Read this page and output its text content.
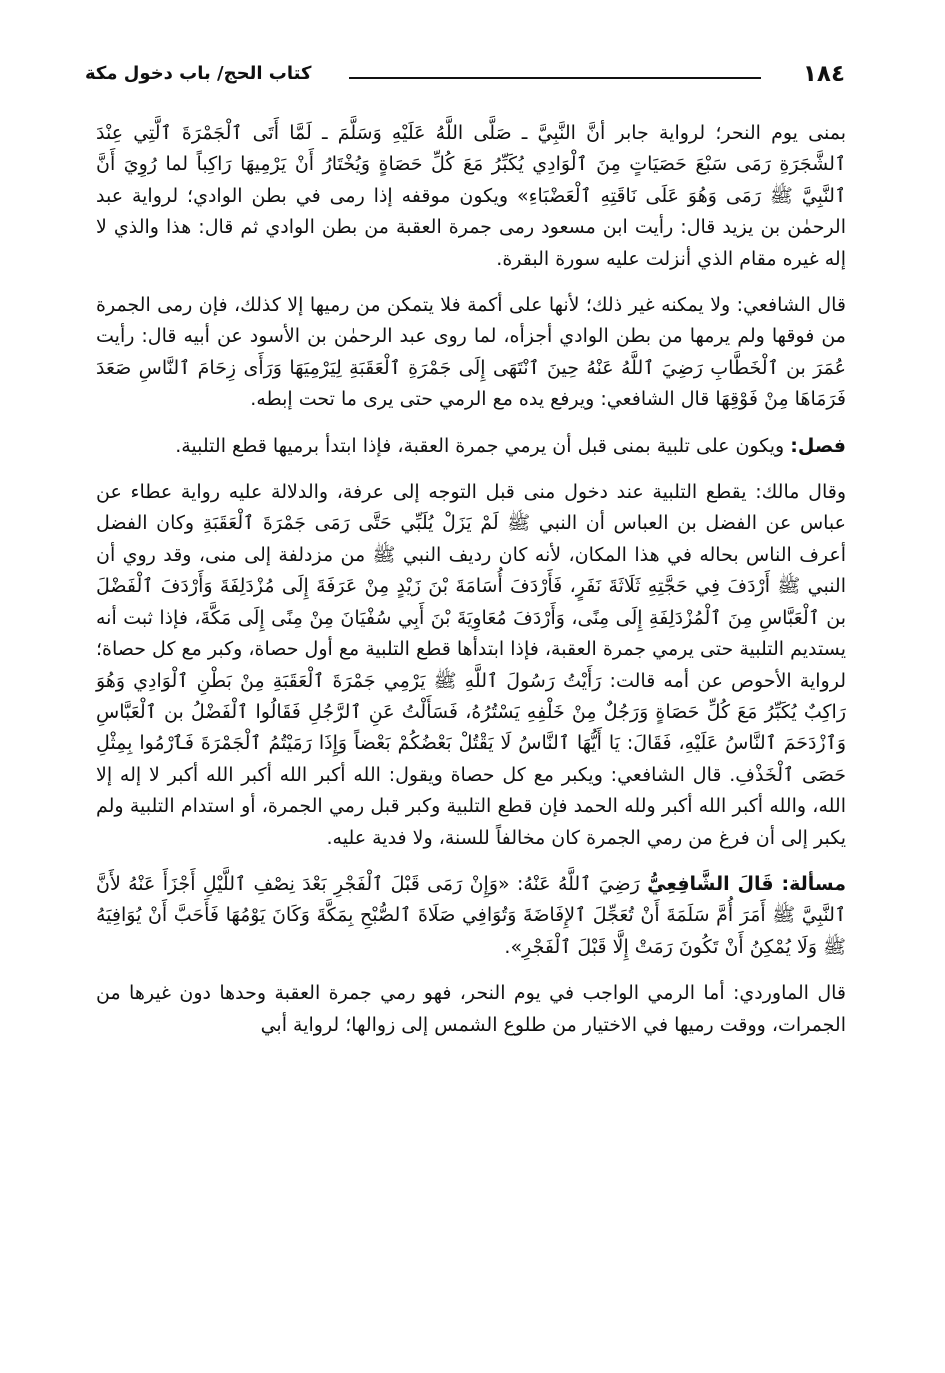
١٨٤
كتاب الحج/ باب دخول مكة

بمنى يوم النحر؛ لرواية جابر أنَّ النَّبِيَّ ـ صَلَّى اللَّهُ عَلَيْهِ وَسَلَّمَ ـ لَمَّا أَتَى ٱلْجَمْرَةَ ٱلَّتِي عِنْدَ ٱلشَّجَرَةِ رَمَى سَبْعَ حَصَيَاتٍ مِنَ ٱلْوَادِي يُكَبِّرُ مَعَ كُلِّ حَصَاةٍ وَيُخْتَارُ أَنْ يَرْمِيهَا رَاكِباً لما رُوِيَ أَنَّ ٱلنَّبِيَّ ﷺ رَمَى وَهُوَ عَلَى نَاقَتِهِ ٱلْعَضْبَاءِ» ويكون موقفه إذا رمى في بطن الوادي؛ لرواية عبد الرحمٰن بن يزيد قال: رأيت ابن مسعود رمى جمرة العقبة من بطن الوادي ثم قال: هذا والذي لا إله غيره مقام الذي أنزلت عليه سورة البقرة.

قال الشافعي: ولا يمكنه غير ذلك؛ لأنها على أكمة فلا يتمكن من رميها إلا كذلك، فإن رمى الجمرة من فوقها ولم يرمها من بطن الوادي أجزأه، لما روى عبد الرحمٰن بن الأسود عن أبيه قال: رأيت عُمَرَ بن ٱلْخَطَّابِ رَضِيَ ٱللَّهُ عَنْهُ حِينَ ٱنْتَهَى إِلَى جَمْرَةِ ٱلْعَقَبَةِ لِيَرْمِيَهَا وَرَأَى زِحَامَ ٱلنَّاسِ صَعَدَ فَرَمَاهَا مِنْ فَوْقِهَا قال الشافعي: ويرفع يده مع الرمي حتى يرى ما تحت إبطه.

فصل: ويكون على تلبية بمنى قبل أن يرمي جمرة العقبة، فإذا ابتدأ برميها قطع التلبية.

وقال مالك: يقطع التلبية عند دخول منى قبل التوجه إلى عرفة، والدلالة عليه رواية عطاء عن عباس عن الفضل بن العباس أن النبي ﷺ لَمْ يَزَلْ يُلَبِّي حَتَّى رَمَى جَمْرَةَ ٱلْعَقَبَةِ وكان الفضل أعرف الناس بحاله في هذا المكان، لأنه كان رديف النبي ﷺ من مزدلفة إلى منى، وقد روي أن النبي ﷺ أَرْدَفَ فِي حَجَّتِهِ ثَلَاثَةَ نَفَرٍ، فَأَرْدَفَ أُسَامَةَ بْنَ زَيْدٍ مِنْ عَرَفَةَ إِلَى مُزْدَلِفَةَ وَأَرْدَفَ ٱلْفَضْلَ بن ٱلْعَبَّاسِ مِنَ ٱلْمُزْدَلِفَةِ إِلَى مِنًى، وَأَرْدَفَ مُعَاوِيَةَ بْنَ أَبِي سُفْيَانَ مِنْ مِنًى إِلَى مَكَّةَ، فإذا ثبت أنه يستديم التلبية حتى يرمي جمرة العقبة، فإذا ابتدأها قطع التلبية مع أول حصاة، وكبر مع كل حصاة؛ لرواية الأحوص عن أمه قالت: رَأَيْتُ رَسُولَ ٱللَّهِ ﷺ يَرْمِي جَمْرَةَ ٱلْعَقَبَةِ مِنْ بَطْنِ ٱلْوَادِي وَهُوَ رَاكِبٌ يُكَبِّرُ مَعَ كُلِّ حَصَاةٍ وَرَجُلٌ مِنْ خَلْفِهِ يَسْتُرُهُ، فَسَأَلْتُ عَنِ ٱلرَّجُلِ فَقَالُوا ٱلْفَضْلُ بن ٱلْعَبَّاسِ وَٱزْدَحَمَ ٱلنَّاسُ عَلَيْهِ، فَقَالَ: يَا أَيُّهَا ٱلنَّاسُ لَا يَقْتُلْ بَعْضُكُمْ بَعْضاً وَإِذَا رَمَيْتُمُ ٱلْجَمْرَةَ فَٱرْمُوا بِمِثْلِ حَصَى ٱلْخَذْفِ. قال الشافعي: ويكبر مع كل حصاة ويقول: الله أكبر الله أكبر الله أكبر لا إله إلا الله، والله أكبر الله أكبر ولله الحمد فإن قطع التلبية وكبر قبل رمي الجمرة، أو استدام التلبية ولم يكبر إلى أن فرغ من رمي الجمرة كان مخالفاً للسنة، ولا فدية عليه.

مسألة: قَالَ الشَّافِعِيُّ رَضِيَ ٱللَّهُ عَنْهُ: «وَإِنْ رَمَى قَبْلَ ٱلْفَجْرِ بَعْدَ نِصْفِ ٱللَّيْلِ أَجْزَأَ عَنْهُ لأَنَّ ٱلنَّبِيَّ ﷺ أَمَرَ أُمَّ سَلَمَةَ أَنْ تُعَجِّلَ ٱلإِفَاضَةَ وَتُوَافِي صَلَاةَ ٱلصُّبْحِ بِمَكَّةَ وَكَانَ يَوْمُهَا فَأَحَبَّ أَنْ يُوَافِيَهُ ﷺ وَلَا يُمْكِنُ أَنْ تَكُونَ رَمَتْ إِلَّا قَبْلَ ٱلْفَجْرِ».

قال الماوردي: أما الرمي الواجب في يوم النحر، فهو رمي جمرة العقبة وحدها دون غيرها من الجمرات، ووقت رميها في الاختيار من طلوع الشمس إلى زوالها؛ لرواية أبي
